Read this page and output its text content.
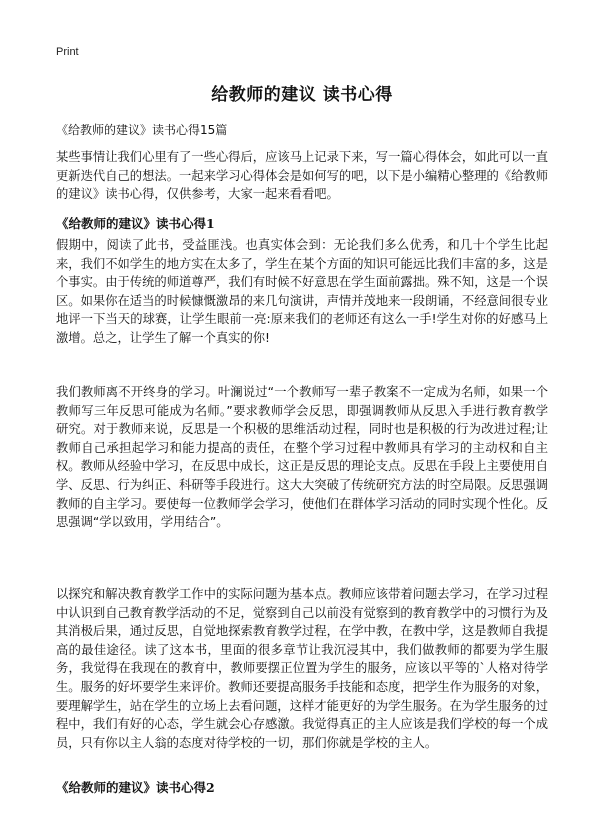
Print
给教师的建议 读书心得
《给教师的建议》读书心得15篇

某些事情让我们心里有了一些心得后，应该马上记录下来，写一篇心得体会，如此可以一直更新迭代自己的想法。一起来学习心得体会是如何写的吧，以下是小编精心整理的《给教师的建议》读书心得，仅供参考，大家一起来看看吧。

《给教师的建议》读书心得1

假期中，阅读了此书，受益匪浅。也真实体会到：无论我们多么优秀，和几十个学生比起来，我们不如学生的地方实在太多了，学生在某个方面的知识可能远比我们丰富的多，这是个事实。由于传统的师道尊严，我们有时候不好意思在学生面前露拙。殊不知，这是一个误区。如果你在适当的时候慷慨激昂的来几句演讲，声情并茂地来一段朗诵，不经意间很专业地评一下当天的球赛，让学生眼前一亮:原来我们的老师还有这么一手!学生对你的好感马上激增。总之，让学生了解一个真实的你!

我们教师离不开终身的学习。叶澜说过“一个教师写一辈子教案不一定成为名师，如果一个教师写三年反思可能成为名师。”要求教师学会反思，即强调教师从反思入手进行教育教学研究。对于教师来说，反思是一个积极的思维活动过程，同时也是积极的行为改进过程;让教师自己承担起学习和能力提高的责任，在整个学习过程中教师具有学习的主动权和自主权。教师从经验中学习，在反思中成长，这正是反思的理论支点。反思在手段上主要使用自学、反思、行为纠正、科研等手段进行。这大大突破了传统研究方法的时空局限。反思强调教师的自主学习。要使每一位教师学会学习，使他们在群体学习活动的同时实现个性化。反思强调“学以致用，学用结合”。

以探究和解决教育教学工作中的实际问题为基本点。教师应该带着问题去学习，在学习过程中认识到自己教育教学活动的不足，觉察到自己以前没有觉察到的教育教学中的习惯行为及其消极后果，通过反思，自觉地探索教育教学过程，在学中教，在教中学，这是教师自我提高的最佳途径。读了这本书，里面的很多章节让我沉浸其中，我们做教师的都要为学生服务，我觉得在我现在的教育中，教师要摆正位置为学生的服务，应该以平等的`人格对待学生。服务的好坏要学生来评价。教师还要提高服务手技能和态度，把学生作为服务的对象，要理解学生，站在学生的立场上去看问题，这样才能更好的为学生服务。在为学生服务的过程中，我们有好的心态，学生就会心存感激。我觉得真正的主人应该是我们学校的每一个成员，只有你以主人翁的态度对待学校的一切，那们你就是学校的主人。

《给教师的建议》读书心得2
